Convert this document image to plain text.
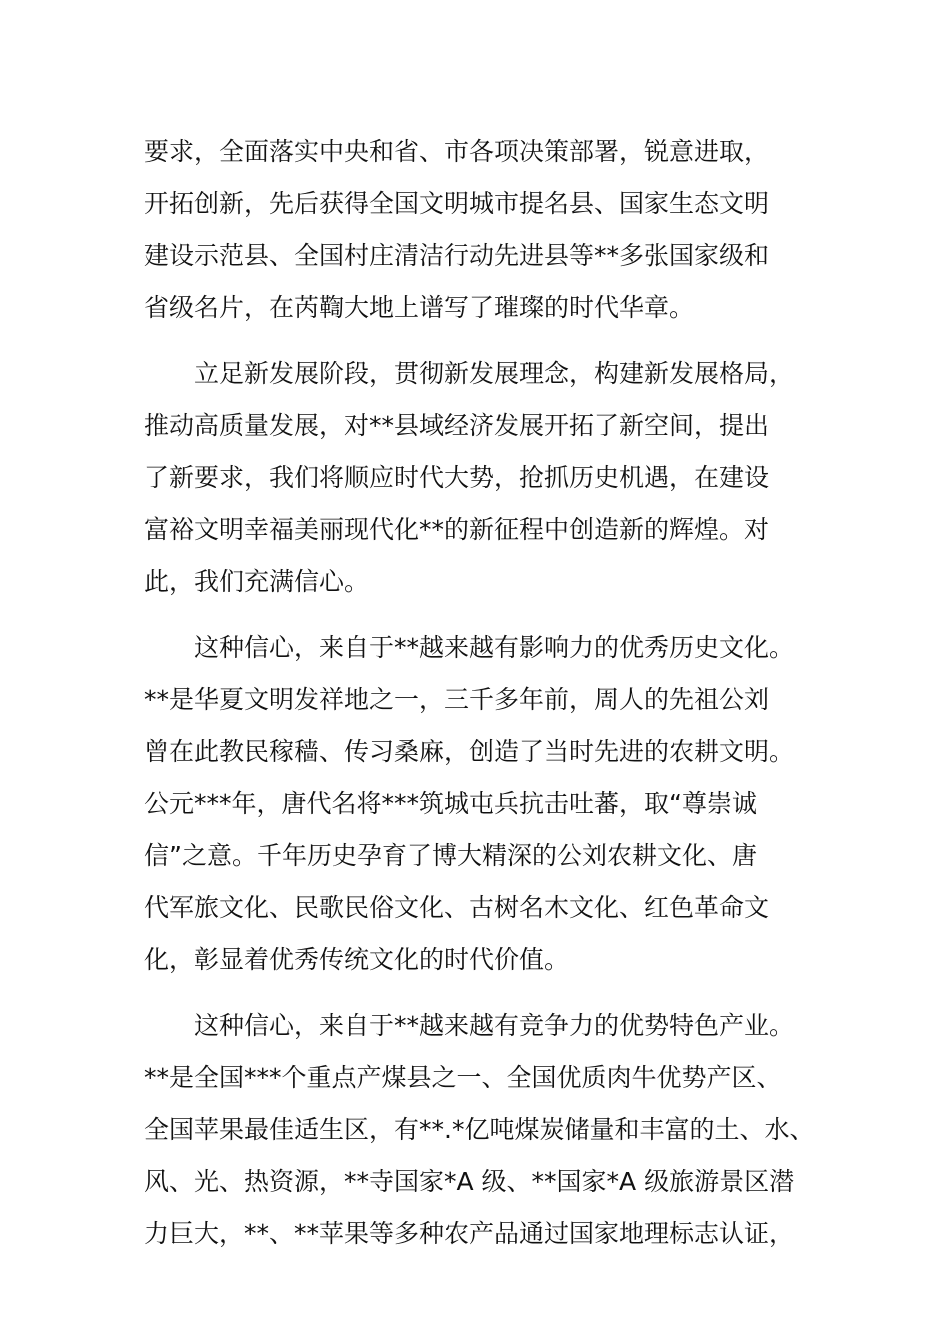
要求，全面落实中央和省、市各项决策部署，锐意进取，
开拓创新，先后获得全国文明城市提名县、国家生态文明
建设示范县、全国村庄清洁行动先进县等**多张国家级和
省级名片，在芮鞫大地上谱写了璀璨的时代华章。
立足新发展阶段，贯彻新发展理念，构建新发展格局，
推动高质量发展，对**县域经济发展开拓了新空间，提出
了新要求，我们将顺应时代大势，抢抓历史机遇，在建设
富裕文明幸福美丽现代化**的新征程中创造新的辉煌。对
此，我们充满信心。
这种信心，来自于**越来越有影响力的优秀历史文化。
**是华夏文明发祥地之一，三千多年前，周人的先祖公刘
曾在此教民稼穑、传习桑麻，创造了当时先进的农耕文明。
公元***年，唐代名将***筑城屯兵抗击吐蕃，取“尊崇诚
信”之意。千年历史孕育了博大精深的公刘农耕文化、唐
代军旅文化、民歌民俗文化、古树名木文化、红色革命文
化，彰显着优秀传统文化的时代价值。
这种信心，来自于**越来越有竞争力的优势特色产业。
**是全国***个重点产煤县之一、全国优质肉牛优势产区、
全国苹果最佳适生区，有**.*亿吨煤炭储量和丰富的土、水、
风、光、热资源，**寺国家*A 级、**国家*A 级旅游景区潜
力巨大，**、**苹果等多种农产品通过国家地理标志认证，
